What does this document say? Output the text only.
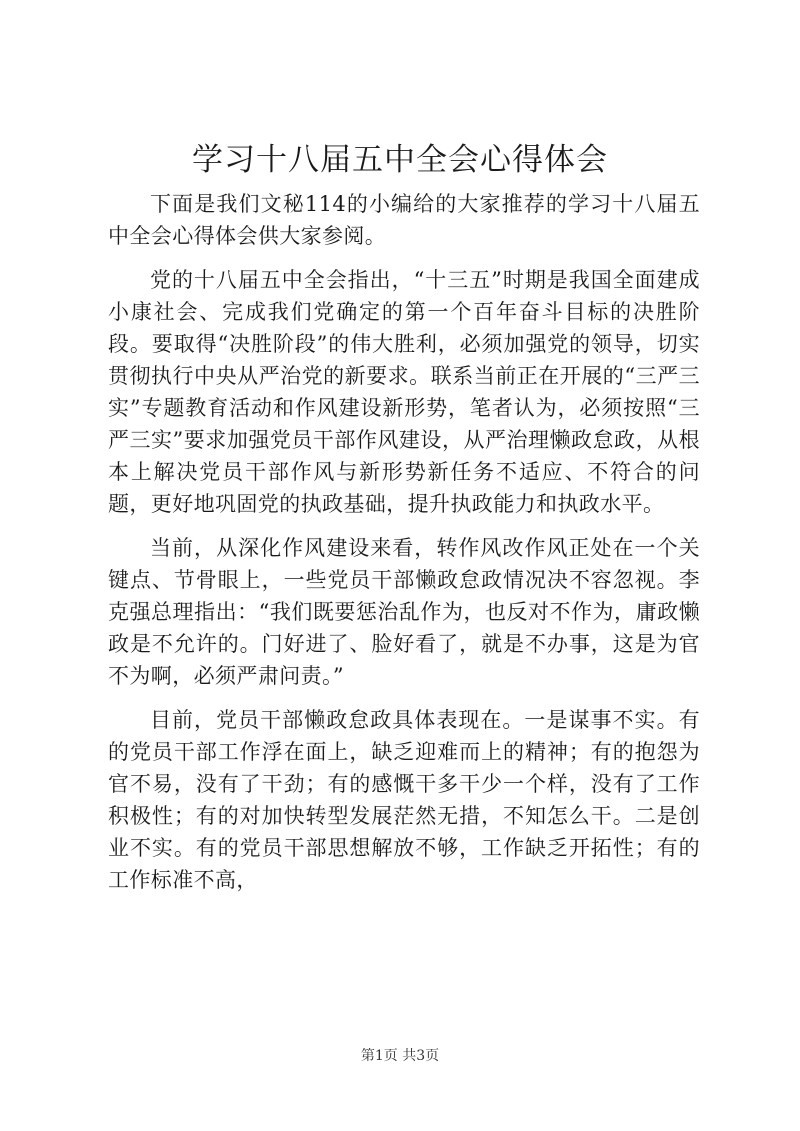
学习十八届五中全会心得体会

下面是我们文秘114的小编给的大家推荐的学习十八届五中全会心得体会供大家参阅。

党的十八届五中全会指出，“十三五”时期是我国全面建成小康社会、完成我们党确定的第一个百年奋斗目标的决胜阶段。要取得“决胜阶段”的伟大胜利，必须加强党的领导，切实贯彻执行中央从严治党的新要求。联系当前正在开展的“三严三实”专题教育活动和作风建设新形势，笔者认为，必须按照“三严三实”要求加强党员干部作风建设，从严治理懒政怠政，从根本上解决党员干部作风与新形势新任务不适应、不符合的问题，更好地巩固党的执政基础，提升执政能力和执政水平。

当前，从深化作风建设来看，转作风改作风正处在一个关键点、节骨眼上，一些党员干部懒政怠政情况决不容忽视。李克强总理指出：“我们既要惩治乱作为，也反对不作为，庸政懒政是不允许的。门好进了、脸好看了，就是不办事，这是为官不为啊，必须严肃问责。”

目前，党员干部懒政怠政具体表现在。一是谋事不实。有的党员干部工作浮在面上，缺乏迎难而上的精神；有的抱怨为官不易，没有了干劲；有的感慨干多干少一个样，没有了工作积极性；有的对加快转型发展茫然无措，不知怎么干。二是创业不实。有的党员干部思想解放不够，工作缺乏开拓性；有的工作标准不高，

第1页 共3页
